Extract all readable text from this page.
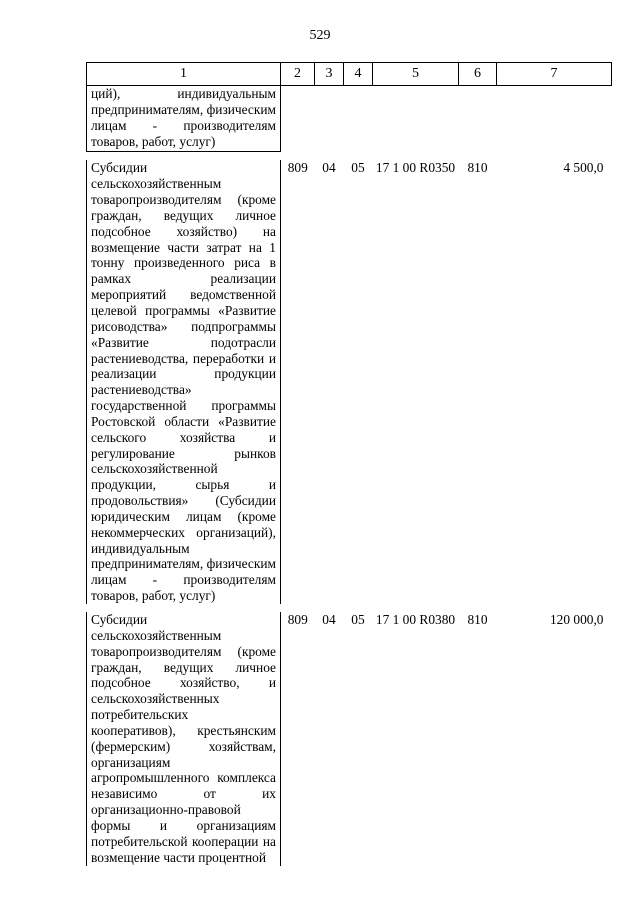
529
1	2	3	4	5	6	7
ций), индивидуальным предпринимателям, физическим лицам - производителям товаров, работ, услуг)						

Субсидии сельскохозяйственным товаропроизводителям (кроме граждан, ведущих личное подсобное хозяйство) на возмещение части затрат на 1 тонну произведенного риса в рамках реализации мероприятий ведомственной целевой программы «Развитие рисоводства» подпрограммы «Развитие подотрасли растениеводства, переработки и реализации продукции растениеводства» государственной программы Ростовской области «Развитие сельского хозяйства и регулирование рынков сельскохозяйственной продукции, сырья и продовольствия» (Субсидии юридическим лицам (кроме некоммерческих организаций), индивидуальным предпринимателям, физическим лицам - производителям товаров, работ, услуг)	809	04	05	17 1 00 R0350	810	4 500,0

Субсидии сельскохозяйственным товаропроизводителям (кроме граждан, ведущих личное подсобное хозяйство, и сельскохозяйственных потребительских кооперативов), крестьянским (фермерским) хозяйствам, организациям агропромышленного комплекса независимо от их организационно-правовой формы и организациям потребительской кооперации на возмещение части процентной	809	04	05	17 1 00 R0380	810	120 000,0
